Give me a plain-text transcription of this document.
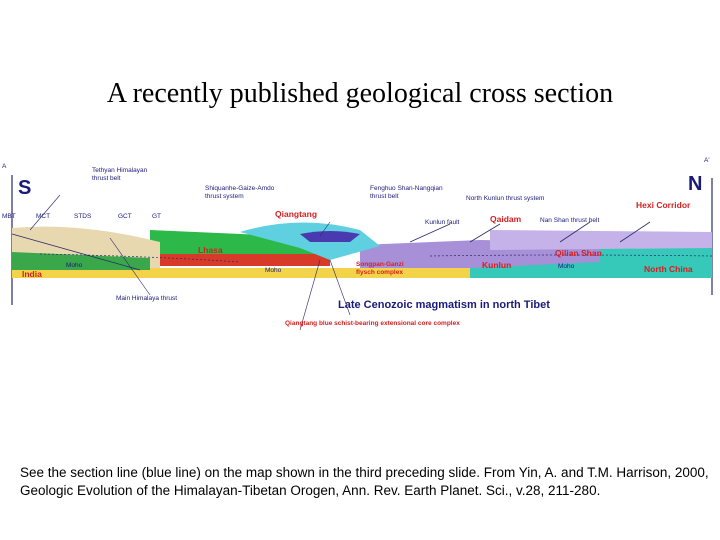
A recently published geological cross section
A
A'
S	N
Tethyan Himalayan
thrust belt
MBT	MCT	STDS	GCT	GT
Shiquanhe-Gaize-Amdo
thrust system
Qiangtang
Fenghuo Shan-Nangqian
thrust belt	North Kunlun thrust system
Kunlun fault	Qaidam	Nan Shan thrust belt
Hexi Corridor
Lhasa
India
Moho
Moho
Moho
Qilian Shan
North China
Songpan-Ganzi
flysch complex
Kunlun
Main Himalaya thrust
Late Cenozoic magmatism in north Tibet
Qiangtang blue schist-bearing extensional core complex
See the section line (blue line) on the map shown in the third preceding slide. From Yin, A. and T.M. Harrison, 2000, Geologic Evolution of the Himalayan-Tibetan Orogen, Ann. Rev. Earth Planet. Sci., v.28, 211-280.
